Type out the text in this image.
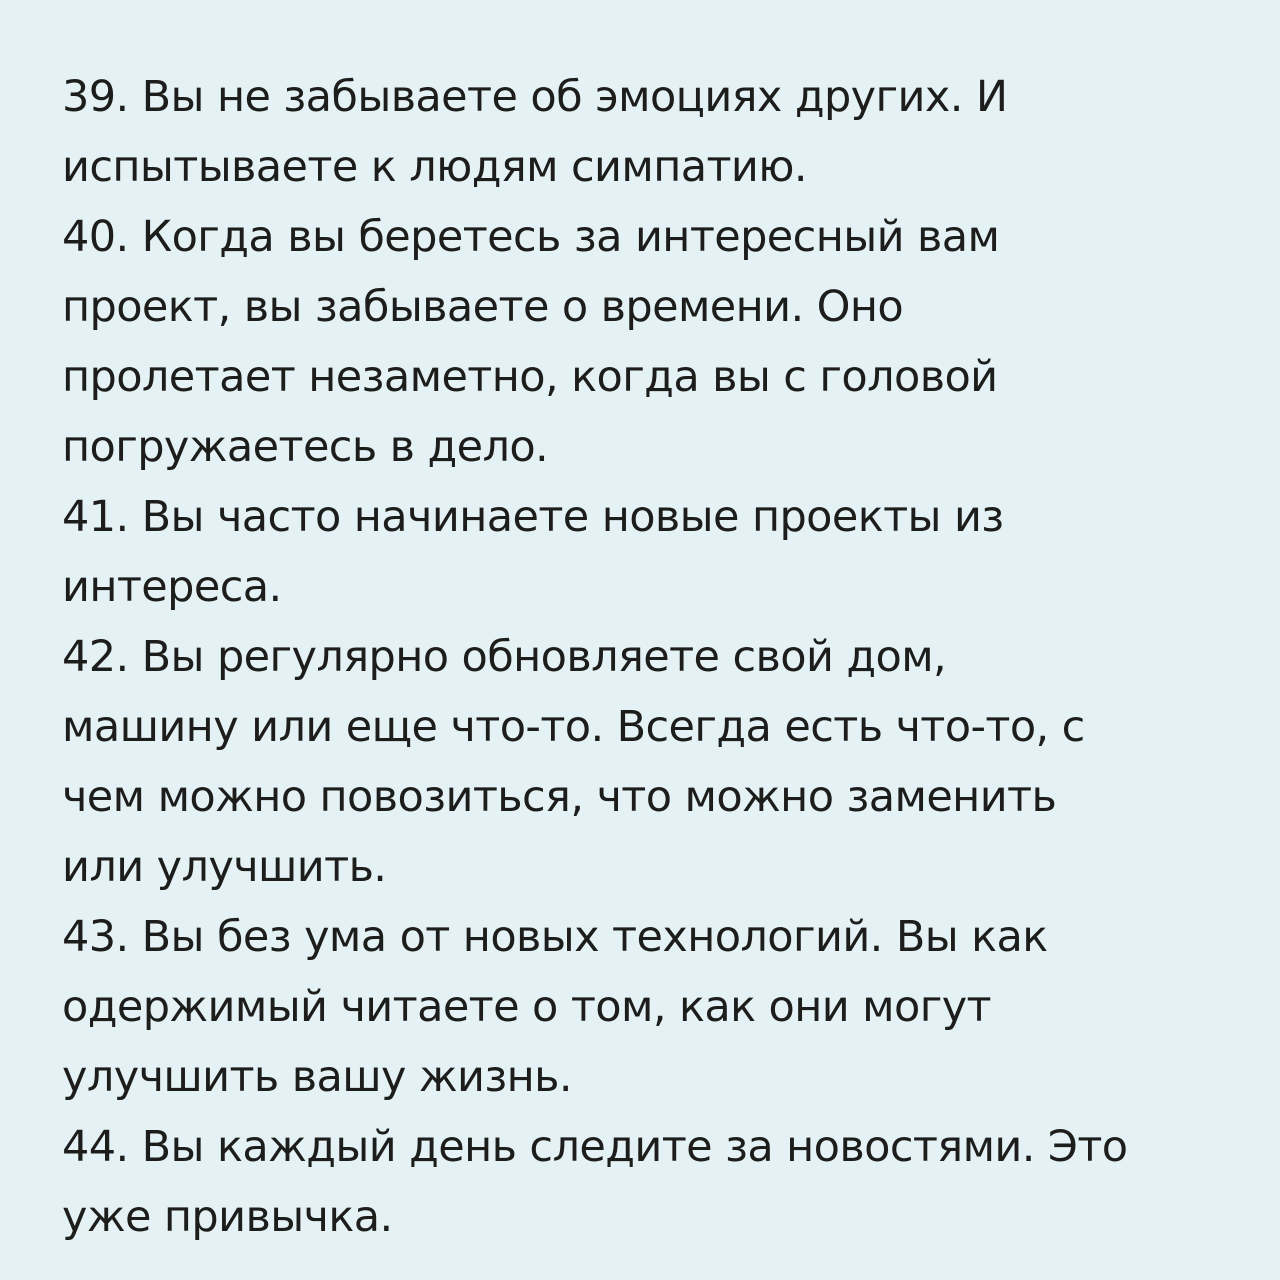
39. Вы не забываете об эмоциях других. И
испытываете к людям симпатию.
40. Когда вы беретесь за интересный вам
проект, вы забываете о времени. Оно
пролетает незаметно, когда вы с головой
погружаетесь в дело.
41. Вы часто начинаете новые проекты из
интереса.
42. Вы регулярно обновляете свой дом,
машину или еще что-то. Всегда есть что-то, с
чем можно повозиться, что можно заменить
или улучшить.
43. Вы без ума от новых технологий. Вы как
одержимый читаете о том, как они могут
улучшить вашу жизнь.
44. Вы каждый день следите за новостями. Это
уже привычка.
